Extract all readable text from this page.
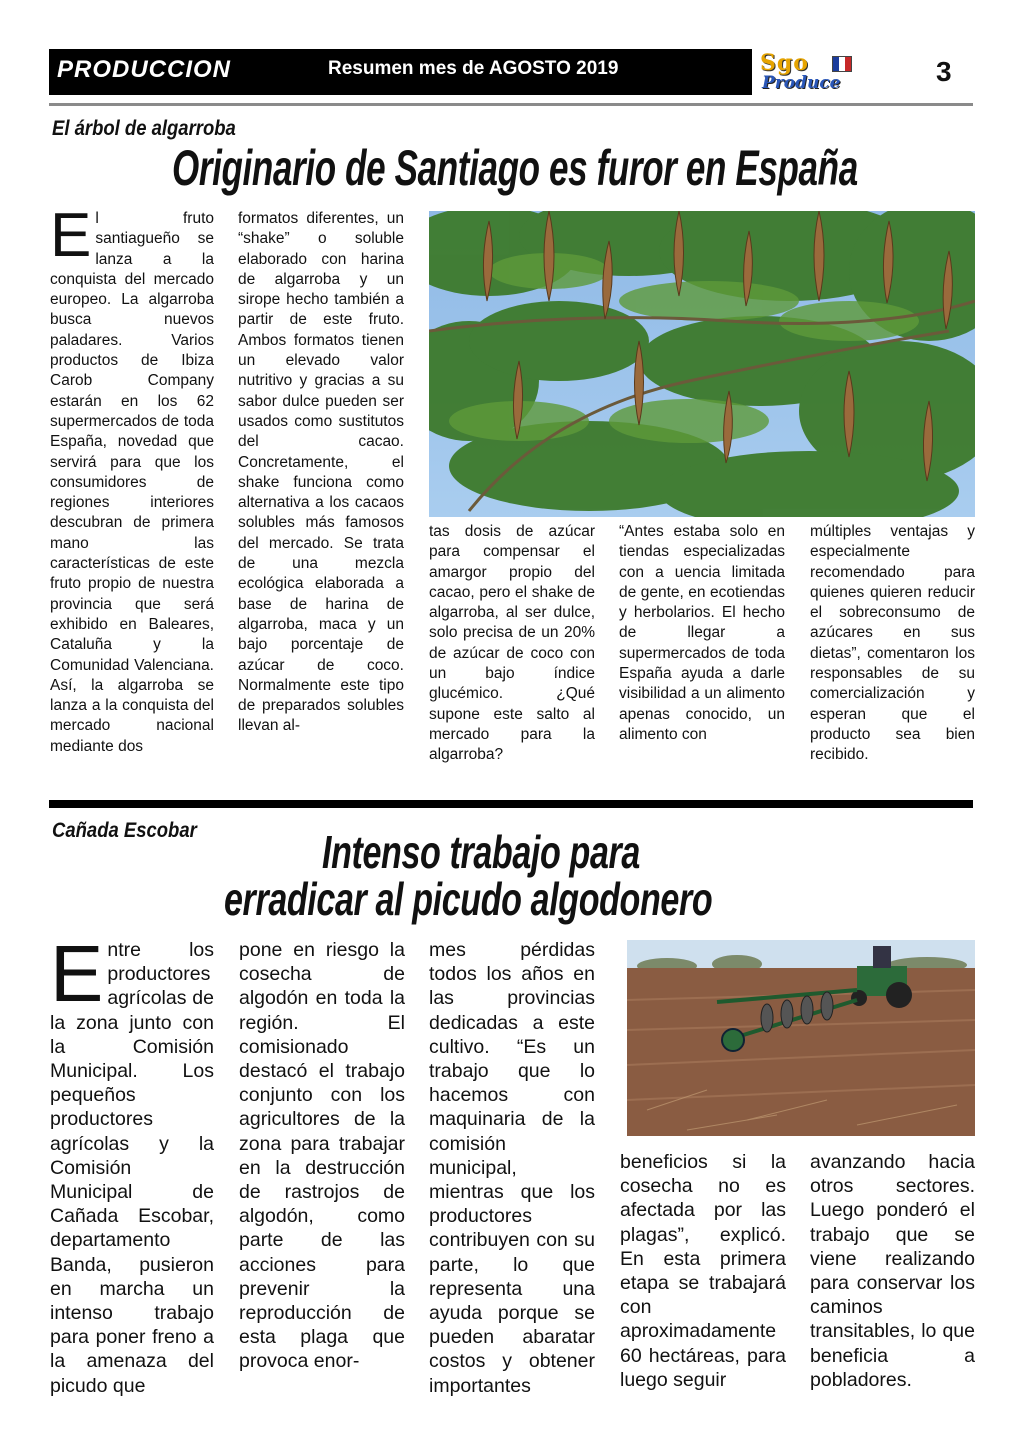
PRODUCCION	Resumen mes de AGOSTO 2019	Sgo
Produce	3
El árbol de algarroba
Originario de Santiago es furor en España
El fruto santiagueño se lanza a la conquista del mercado europeo. La algarroba busca nuevos paladares. Varios productos de Ibiza Carob Company estarán en los 62 supermercados de toda España, novedad que servirá para que los consumidores de regiones interiores descubran de primera mano las características de este fruto propio de nuestra provincia que será exhibido en Baleares, Cataluña y la Comunidad Valenciana. Así, la algarroba se lanza a la conquista del mercado nacional mediante dos
formatos diferentes, un “shake” o soluble elaborado con harina de algarroba y un sirope hecho también a partir de este fruto. Ambos formatos tienen un elevado valor nutritivo y gracias a su sabor dulce pueden ser usados como sustitutos del cacao. Concretamente, el shake funciona como alternativa a los cacaos solubles más famosos del mercado. Se trata de una mezcla ecológica elaborada a base de harina de algarroba, maca y un bajo porcentaje de azúcar de coco. Normalmente este tipo de preparados solubles llevan al-
tas dosis de azúcar para compensar el amargor propio del cacao, pero el shake de algarroba, al ser dulce, solo precisa de un 20% de azúcar de coco con un bajo índice glucémico. ¿Qué supone este salto al mercado para la algarroba?
“Antes estaba solo en tiendas especializadas con a uencia limitada de gente, en ecotiendas y herbolarios. El hecho de llegar a supermercados de toda España ayuda a darle visibilidad a un alimento apenas conocido, un alimento con
múltiples ventajas y especialmente recomendado para quienes quieren reducir el sobreconsumo de azúcares en sus dietas”, comentaron los responsables de su comercialización y esperan que el producto sea bien recibido.
Cañada Escobar	Intenso trabajo para
erradicar al picudo algodonero
Entre los productores agrícolas de la zona junto con la Comisión Municipal. Los pequeños productores agrícolas y la Comisión Municipal de Cañada Escobar, departamento Banda, pusieron en marcha un intenso trabajo para poner freno a la amenaza del picudo que
pone en riesgo la cosecha de algodón en toda la región. El comisionado destacó el trabajo conjunto con los agricultores de la zona para trabajar en la destrucción de rastrojos de algodón, como parte de las acciones para prevenir la reproducción de esta plaga que provoca enor-
mes pérdidas todos los años en las provincias dedicadas a este cultivo. “Es un trabajo que lo hacemos con maquinaria de la comisión municipal, mientras que los productores contribuyen con su parte, lo que representa una ayuda porque se pueden abaratar costos y obtener importantes
beneficios si la cosecha no es afectada por las plagas”, explicó. En esta primera etapa se trabajará con aproximadamente 60 hectáreas, para luego seguir
avanzando hacia otros sectores. Luego ponderó el trabajo que se viene realizando para conservar los caminos transitables, lo que beneficia a pobladores.
